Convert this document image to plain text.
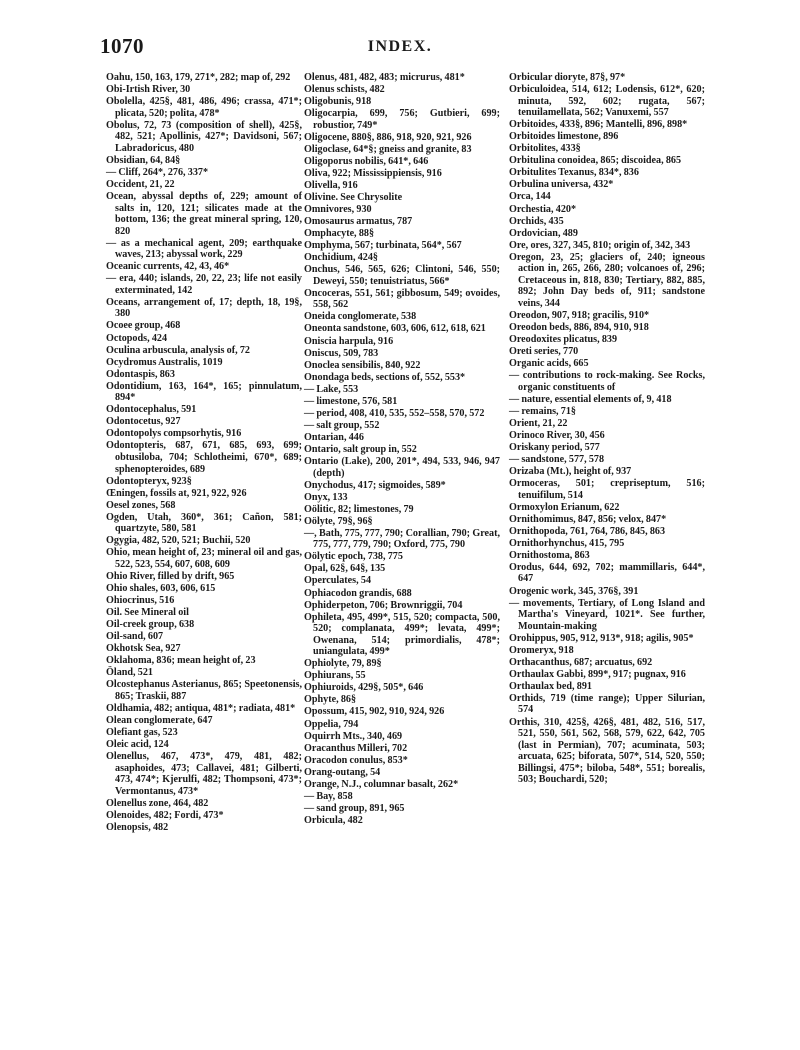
1070	INDEX.
Oahu, 150, 163, 179, 271*, 282; map of, 292
Obi-Irtish River, 30
Obolella, 425§, 481, 486, 496; crassa, 471*; plicata, 520; polita, 478*
Obolus, 72, 73 (composition of shell), 425§, 482, 521; Apollinis, 427*; Davidsoni, 567; Labradoricus, 480
Obsidian, 64, 84§
— Cliff, 264*, 276, 337*
Occident, 21, 22
Ocean, abyssal depths of, 229; amount of salts in, 120, 121; silicates made at the bottom, 136; the great mineral spring, 120, 820
— as a mechanical agent, 209; earthquake waves, 213; abyssal work, 229
Oceanic currents, 42, 43, 46*
— era, 440; islands, 20, 22, 23; life not easily exterminated, 142
Oceans, arrangement of, 17; depth, 18, 19§, 380
Ocoee group, 468
Octopods, 424
Oculina arbuscula, analysis of, 72
Ocydromus Australis, 1019
Odontaspis, 863
Odontidium, 163, 164*, 165; pinnulatum, 894*
Odontocephalus, 591
Odontocetus, 927
Odontopolys compsorhytis, 916
Odontopteris, 687, 671, 685, 693, 699; obtusiloba, 704; Schlotheimi, 670*, 689; sphenopteroides, 689
Odontopteryx, 923§
Œningen, fossils at, 921, 922, 926
Oesel zones, 568
Ogden, Utah, 360*, 361; Cañon, 581; quartzyte, 580, 581
Ogygia, 482, 520, 521; Buchii, 520
Ohio, mean height of, 23; mineral oil and gas, 522, 523, 554, 607, 608, 609
Ohio River, filled by drift, 965
Ohio shales, 603, 606, 615
Ohiocrinus, 516
Oil. See Mineral oil
Oil-creek group, 638
Oil-sand, 607
Okhotsk Sea, 927
Oklahoma, 836; mean height of, 23
Öland, 521
Olcostephanus Asterianus, 865; Speetonensis, 865; Traskii, 887
Oldhamia, 482; antiqua, 481*; radiata, 481*
Olean conglomerate, 647
Olefiant gas, 523
Oleic acid, 124
Olenellus, 467, 473*, 479, 481, 482; asaphoides, 473; Callavei, 481; Gilberti, 473, 474*; Kjerulfi, 482; Thompsoni, 473*; Vermontanus, 473*
Olenellus zone, 464, 482
Olenoides, 482; Fordi, 473*
Olenopsis, 482
Olenus, 481, 482, 483; micrurus, 481*
Olenus schists, 482
Oligobunis, 918
Oligocarpia, 699, 756; Gutbieri, 699; robustior, 749*
Oligocene, 880§, 886, 918, 920, 921, 926
Oligoclase, 64*§; gneiss and granite, 83
Oligoporus nobilis, 641*, 646
Oliva, 922; Mississippiensis, 916
Olivella, 916
Olivine. See Chrysolite
Omnivores, 930
Omosaurus armatus, 787
Omphacyte, 88§
Omphyma, 567; turbinata, 564*, 567
Onchidium, 424§
Onchus, 546, 565, 626; Clintoni, 546, 550; Deweyi, 550; tenuistriatus, 566*
Oncoceras, 551, 561; gibbosum, 549; ovoides, 558, 562
Oneida conglomerate, 538
Oneonta sandstone, 603, 606, 612, 618, 621
Oniscia harpula, 916
Oniscus, 509, 783
Onoclea sensibilis, 840, 922
Onondaga beds, sections of, 552, 553*
— Lake, 553
— limestone, 576, 581
— period, 408, 410, 535, 552–558, 570, 572
— salt group, 552
Ontarian, 446
Ontario, salt group in, 552
Ontario (Lake), 200, 201*, 494, 533, 946, 947 (depth)
Onychodus, 417; sigmoides, 589*
Onyx, 133
Oölitic, 82; limestones, 79
Oölyte, 79§, 96§
—, Bath, 775, 777, 790; Corallian, 790; Great, 775, 777, 779, 790; Oxford, 775, 790
Oölytic epoch, 738, 775
Opal, 62§, 64§, 135
Operculates, 54
Ophiacodon grandis, 688
Ophiderpeton, 706; Brownriggii, 704
Ophileta, 495, 499*, 515, 520; compacta, 500, 520; complanata, 499*; levata, 499*; Owenana, 514; primordialis, 478*; uniangulata, 499*
Ophiolyte, 79, 89§
Ophiurans, 55
Ophiuroids, 429§, 505*, 646
Ophyte, 86§
Opossum, 415, 902, 910, 924, 926
Oppelia, 794
Oquirrh Mts., 340, 469
Oracanthus Milleri, 702
Oracodon conulus, 853*
Orang-outang, 54
Orange, N.J., columnar basalt, 262*
— Bay, 858
— sand group, 891, 965
Orbicula, 482
Orbicular dioryte, 87§, 97*
Orbiculoidea, 514, 612; Lodensis, 612*, 620; minuta, 592, 602; rugata, 567; tenuilamellata, 562; Vanuxemi, 557
Orbitoides, 433§, 896; Mantelli, 896, 898*
Orbitoides limestone, 896
Orbitolites, 433§
Orbitulina conoidea, 865; discoidea, 865
Orbitulites Texanus, 834*, 836
Orbulina universa, 432*
Orca, 144
Orchestia, 420*
Orchids, 435
Ordovician, 489
Ore, ores, 327, 345, 810; origin of, 342, 343
Oregon, 23, 25; glaciers of, 240; igneous action in, 265, 266, 280; volcanoes of, 296; Cretaceous in, 818, 830; Tertiary, 882, 885, 892; John Day beds of, 911; sandstone veins, 344
Oreodon, 907, 918; gracilis, 910*
Oreodon beds, 886, 894, 910, 918
Oreodoxites plicatus, 839
Oreti series, 770
Organic acids, 665
— contributions to rock-making. See Rocks, organic constituents of
— nature, essential elements of, 9, 418
— remains, 71§
Orient, 21, 22
Orinoco River, 30, 456
Oriskany period, 577
— sandstone, 577, 578
Orizaba (Mt.), height of, 937
Ormoceras, 501; crepriseptum, 516; tenuifilum, 514
Ormoxylon Erianum, 622
Ornithomimus, 847, 856; velox, 847*
Ornithopoda, 761, 764, 786, 845, 863
Ornithorhynchus, 415, 795
Ornithostoma, 863
Orodus, 644, 692, 702; mammillaris, 644*, 647
Orogenic work, 345, 376§, 391
— movements, Tertiary, of Long Island and Martha's Vineyard, 1021*. See further, Mountain-making
Orohippus, 905, 912, 913*, 918; agilis, 905*
Oromeryx, 918
Orthacanthus, 687; arcuatus, 692
Orthaulax Gabbi, 899*, 917; pugnax, 916
Orthaulax bed, 891
Orthids, 719 (time range); Upper Silurian, 574
Orthis, 310, 425§, 426§, 481, 482, 516, 517, 521, 550, 561, 562, 568, 579, 622, 642, 705 (last in Permian), 707; acuminata, 503; arcuata, 625; biforata, 507*, 514, 520, 550; Billingsi, 475*; biloba, 548*, 551; borealis, 503; Bouchardi, 520;
